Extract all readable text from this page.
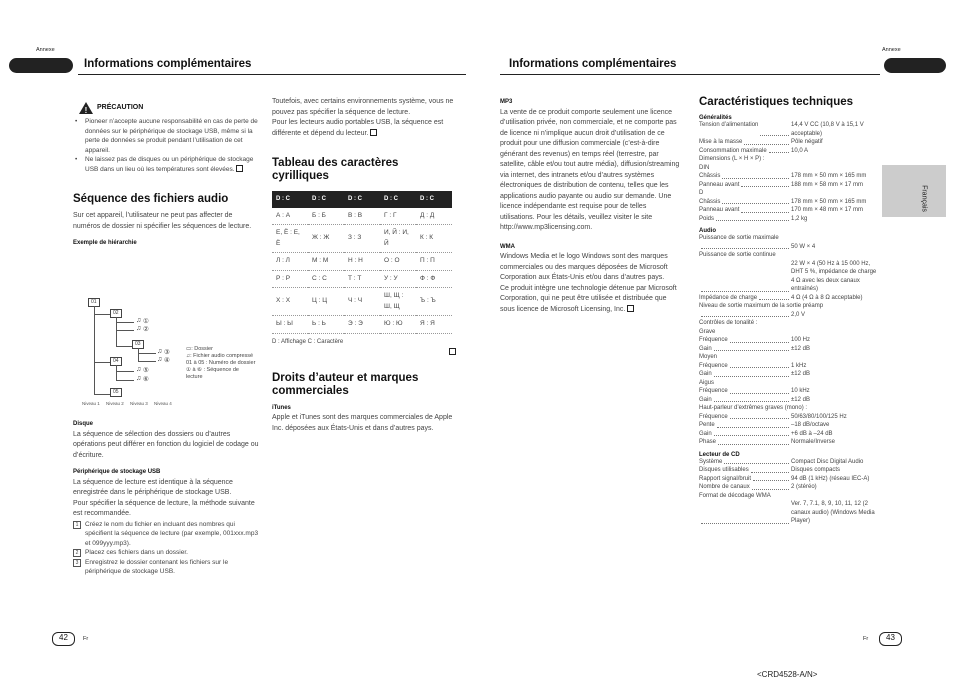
Annexe
Informations complémentaires
! PRÉCAUTION
• Pioneer n’accepte aucune responsabilité en cas de perte de données sur le périphérique de stockage USB, même si la perte de données se produit pendant l’utilisation de cet appareil.
• Ne laissez pas de disques ou un périphérique de stockage USB dans un lieu où les températures sont élevées.

Séquence des fichiers audio

Sur cet appareil, l’utilisateur ne peut pas affecter de numéros de dossier ni spécifier les séquences de lecture.

Exemple de hiérarchie

01
02
♫ ①
♫ ②
03
♫ ③
♫ ④
04
♫ ⑤
♫ ⑥
05
Niveau 1 Niveau 2 Niveau 3 Niveau 4
▭: Dossier
♫: Fichier audio compressé
01 à 05 : Numéro de dossier
① à ⑥ : Séquence de lecture

Disque

La séquence de sélection des dossiers ou d’autres opérations peut différer en fonction du logiciel de codage ou d’écriture.

Périphérique de stockage USB

La séquence de lecture est identique à la séquence enregistrée dans le périphérique de stockage USB.

Pour spécifier la séquence de lecture, la méthode suivante est recommandée.

1	Créez le nom du fichier en incluant des nombres qui spécifient la séquence de lecture (par exemple, 001xxx.mp3 et 099yyy.mp3).
2	Placez ces fichiers dans un dossier.
3	Enregistrez le dossier contenant les fichiers sur le périphérique de stockage USB.

Toutefois, avec certains environnements système, vous ne pouvez pas spécifier la séquence de lecture.

Pour les lecteurs audio portables USB, la séquence est différente et dépend du lecteur.

Tableau des caractères cyrilliques

D : C	D : C	D : C	D : C	D : C
А : А	Б : Б	В : В	Г : Г	Д : Д
Е, Ё : Е, Ё	Ж : Ж	З : З	И, Й : И, Й	К : К
Л : Л	М : М	Н : Н	О : О	П : П
Р : Р	С : С	Т : Т	У : У	Ф : Ф
Х : Х	Ц : Ц	Ч : Ч	Ш, Щ : Ш, Щ	Ъ : Ъ
Ы : Ы	Ь : Ь	Э : Э	Ю : Ю	Я : Я

D : Affichage C : Caractère

Droits d’auteur et marques commerciales

iTunes

Apple et iTunes sont des marques commerciales de Apple Inc. déposées aux États-Unis et dans d’autres pays.

42	Fr
Annexe
Informations complémentaires
Français

MP3

La vente de ce produit comporte seulement une licence d’utilisation privée, non commerciale, et ne comporte pas de licence ni n’implique aucun droit d’utilisation de ce produit pour une diffusion commerciale (c’est-à-dire générant des revenus) en temps réel (terrestre, par satellite, câble et/ou tout autre média), diffusion/streaming via internet, des intranets et/ou d’autres systèmes électroniques de distribution de contenu, telles que les applications audio payante ou audio sur demande. Une licence indépendante est requise pour de telles utilisations. Pour les détails, veuillez visiter le site

http://www.mp3licensing.com.

WMA

Windows Media et le logo Windows sont des marques commerciales ou des marques déposées de Microsoft Corporation aux États-Unis et/ou dans d’autres pays.

Ce produit intègre une technologie détenue par Microsoft Corporation, qui ne peut être utilisée et distribuée que sous licence de Microsoft Licensing, Inc.

Caractéristiques techniques

Généralités

Tension d’alimentation	14,4 V CC (10,8 V à 15,1 V acceptable)
Mise à la masse	Pôle négatif
Consommation maximale	10,0 A
Dimensions (L × H × P) :
DIN
Châssis	178 mm × 50 mm × 165 mm
Panneau avant	188 mm × 58 mm × 17 mm
D
Châssis	178 mm × 50 mm × 165 mm
Panneau avant	170 mm × 48 mm × 17 mm
Poids	1,2 kg

Audio

Puissance de sortie maximale
50 W × 4
Puissance de sortie continue
22 W × 4 (50 Hz à 15 000 Hz, DHT 5 %, impédance de charge 4 Ω avec les deux canaux entraînés)
Impédance de charge	4 Ω (4 Ω à 8 Ω acceptable)
Niveau de sortie maximum de la sortie préamp
2,0 V
Contrôles de tonalité :
Grave
Fréquence	100 Hz
Gain	±12 dB
Moyen
Fréquence	1 kHz
Gain	±12 dB
Aigus
Fréquence	10 kHz
Gain	±12 dB
Haut-parleur d’extrêmes graves (mono) :
Fréquence	50/63/80/100/125 Hz
Pente	–18 dB/octave
Gain	+6 dB à –24 dB
Phase	Normale/Inverse

Lecteur de CD

Système	Compact Disc Digital Audio
Disques utilisables	Disques compacts
Rapport signal/bruit	94 dB (1 kHz) (réseau IEC-A)
Nombre de canaux	2 (stéréo)
Format de décodage WMA
Ver. 7, 7.1, 8, 9, 10, 11, 12 (2 canaux audio) (Windows Media Player)
Fr	43
<CRD4528-A/N>
